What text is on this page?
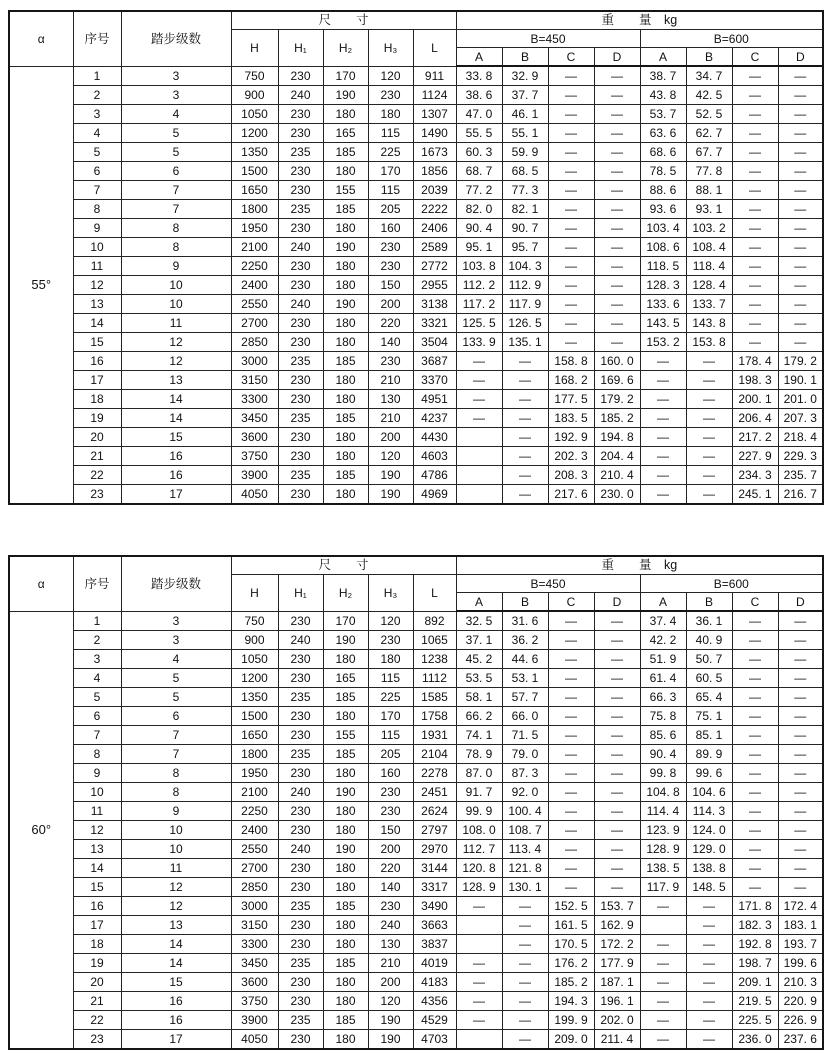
α	序号	踏步级数	尺　　寸					重　　量　kg							
			H	H₁	H₂	H₃	L	B=450				B=600			
								A	B	C	D	A	B	C	D
55°	1	3	750	230	170	120	911	33. 8	32. 9	—	—	38. 7	34. 7	—	—
	2	3	900	240	190	230	1124	38. 6	37. 7	—	—	43. 8	42. 5	—	—
	3	4	1050	230	180	180	1307	47. 0	46. 1	—	—	53. 7	52. 5	—	—
	4	5	1200	230	165	115	1490	55. 5	55. 1	—	—	63. 6	62. 7	—	—
	5	5	1350	235	185	225	1673	60. 3	59. 9	—	—	68. 6	67. 7	—	—
	6	6	1500	230	180	170	1856	68. 7	68. 5	—	—	78. 5	77. 8	—	—
	7	7	1650	230	155	115	2039	77. 2	77. 3	—	—	88. 6	88. 1	—	—
	8	7	1800	235	185	205	2222	82. 0	82. 1	—	—	93. 6	93. 1	—	—
	9	8	1950	230	180	160	2406	90. 4	90. 7	—	—	103. 4	103. 2	—	—
	10	8	2100	240	190	230	2589	95. 1	95. 7	—	—	108. 6	108. 4	—	—
	11	9	2250	230	180	230	2772	103. 8	104. 3	—	—	118. 5	118. 4	—	—
	12	10	2400	230	180	150	2955	112. 2	112. 9	—	—	128. 3	128. 4	—	—
	13	10	2550	240	190	200	3138	117. 2	117. 9	—	—	133. 6	133. 7	—	—
	14	11	2700	230	180	220	3321	125. 5	126. 5	—	—	143. 5	143. 8	—	—
	15	12	2850	230	180	140	3504	133. 9	135. 1	—	—	153. 2	153. 8	—	—
	16	12	3000	235	185	230	3687	—	—	158. 8	160. 0	—	—	178. 4	179. 2
	17	13	3150	230	180	210	3370	—	—	168. 2	169. 6	—	—	198. 3	190. 1
	18	14	3300	230	180	130	4951	—	—	177. 5	179. 2	—	—	200. 1	201. 0
	19	14	3450	235	185	210	4237	—	—	183. 5	185. 2	—	—	206. 4	207. 3
	20	15	3600	230	180	200	4430		—	192. 9	194. 8	—	—	217. 2	218. 4
	21	16	3750	230	180	120	4603		—	202. 3	204. 4	—	—	227. 9	229. 3
	22	16	3900	235	185	190	4786		—	208. 3	210. 4	—	—	234. 3	235. 7
	23	17	4050	230	180	190	4969		—	217. 6	230. 0	—	—	245. 1	216. 7
α	序号	踏步级数	尺　　寸					重　　量　kg							
			H	H₁	H₂	H₃	L	B=450				B=600			
								A	B	C	D	A	B	C	D
60°	1	3	750	230	170	120	892	32. 5	31. 6	—	—	37. 4	36. 1	—	—
	2	3	900	240	190	230	1065	37. 1	36. 2	—	—	42. 2	40. 9	—	—
	3	4	1050	230	180	180	1238	45. 2	44. 6	—	—	51. 9	50. 7	—	—
	4	5	1200	230	165	115	1112	53. 5	53. 1	—	—	61. 4	60. 5	—	—
	5	5	1350	235	185	225	1585	58. 1	57. 7	—	—	66. 3	65. 4	—	—
	6	6	1500	230	180	170	1758	66. 2	66. 0	—	—	75. 8	75. 1	—	—
	7	7	1650	230	155	115	1931	74. 1	71. 5	—	—	85. 6	85. 1	—	—
	8	7	1800	235	185	205	2104	78. 9	79. 0	—	—	90. 4	89. 9	—	—
	9	8	1950	230	180	160	2278	87. 0	87. 3	—	—	99. 8	99. 6	—	—
	10	8	2100	240	190	230	2451	91. 7	92. 0	—	—	104. 8	104. 6	—	—
	11	9	2250	230	180	230	2624	99. 9	100. 4	—	—	114. 4	114. 3	—	—
	12	10	2400	230	180	150	2797	108. 0	108. 7	—	—	123. 9	124. 0	—	—
	13	10	2550	240	190	200	2970	112. 7	113. 4	—	—	128. 9	129. 0	—	—
	14	11	2700	230	180	220	3144	120. 8	121. 8	—	—	138. 5	138. 8	—	—
	15	12	2850	230	180	140	3317	128. 9	130. 1	—	—	117. 9	148. 5	—	—
	16	12	3000	235	185	230	3490	—	—	152. 5	153. 7	—	—	171. 8	172. 4
	17	13	3150	230	180	240	3663		—	161. 5	162. 9		—	182. 3	183. 1
	18	14	3300	230	180	130	3837		—	170. 5	172. 2	—	—	192. 8	193. 7
	19	14	3450	235	185	210	4019	—	—	176. 2	177. 9	—	—	198. 7	199. 6
	20	15	3600	230	180	200	4183	—	—	185. 2	187. 1	—	—	209. 1	210. 3
	21	16	3750	230	180	120	4356	—	—	194. 3	196. 1	—	—	219. 5	220. 9
	22	16	3900	235	185	190	4529	—	—	199. 9	202. 0	—	—	225. 5	226. 9
	23	17	4050	230	180	190	4703		—	209. 0	211. 4	—	—	236. 0	237. 6
